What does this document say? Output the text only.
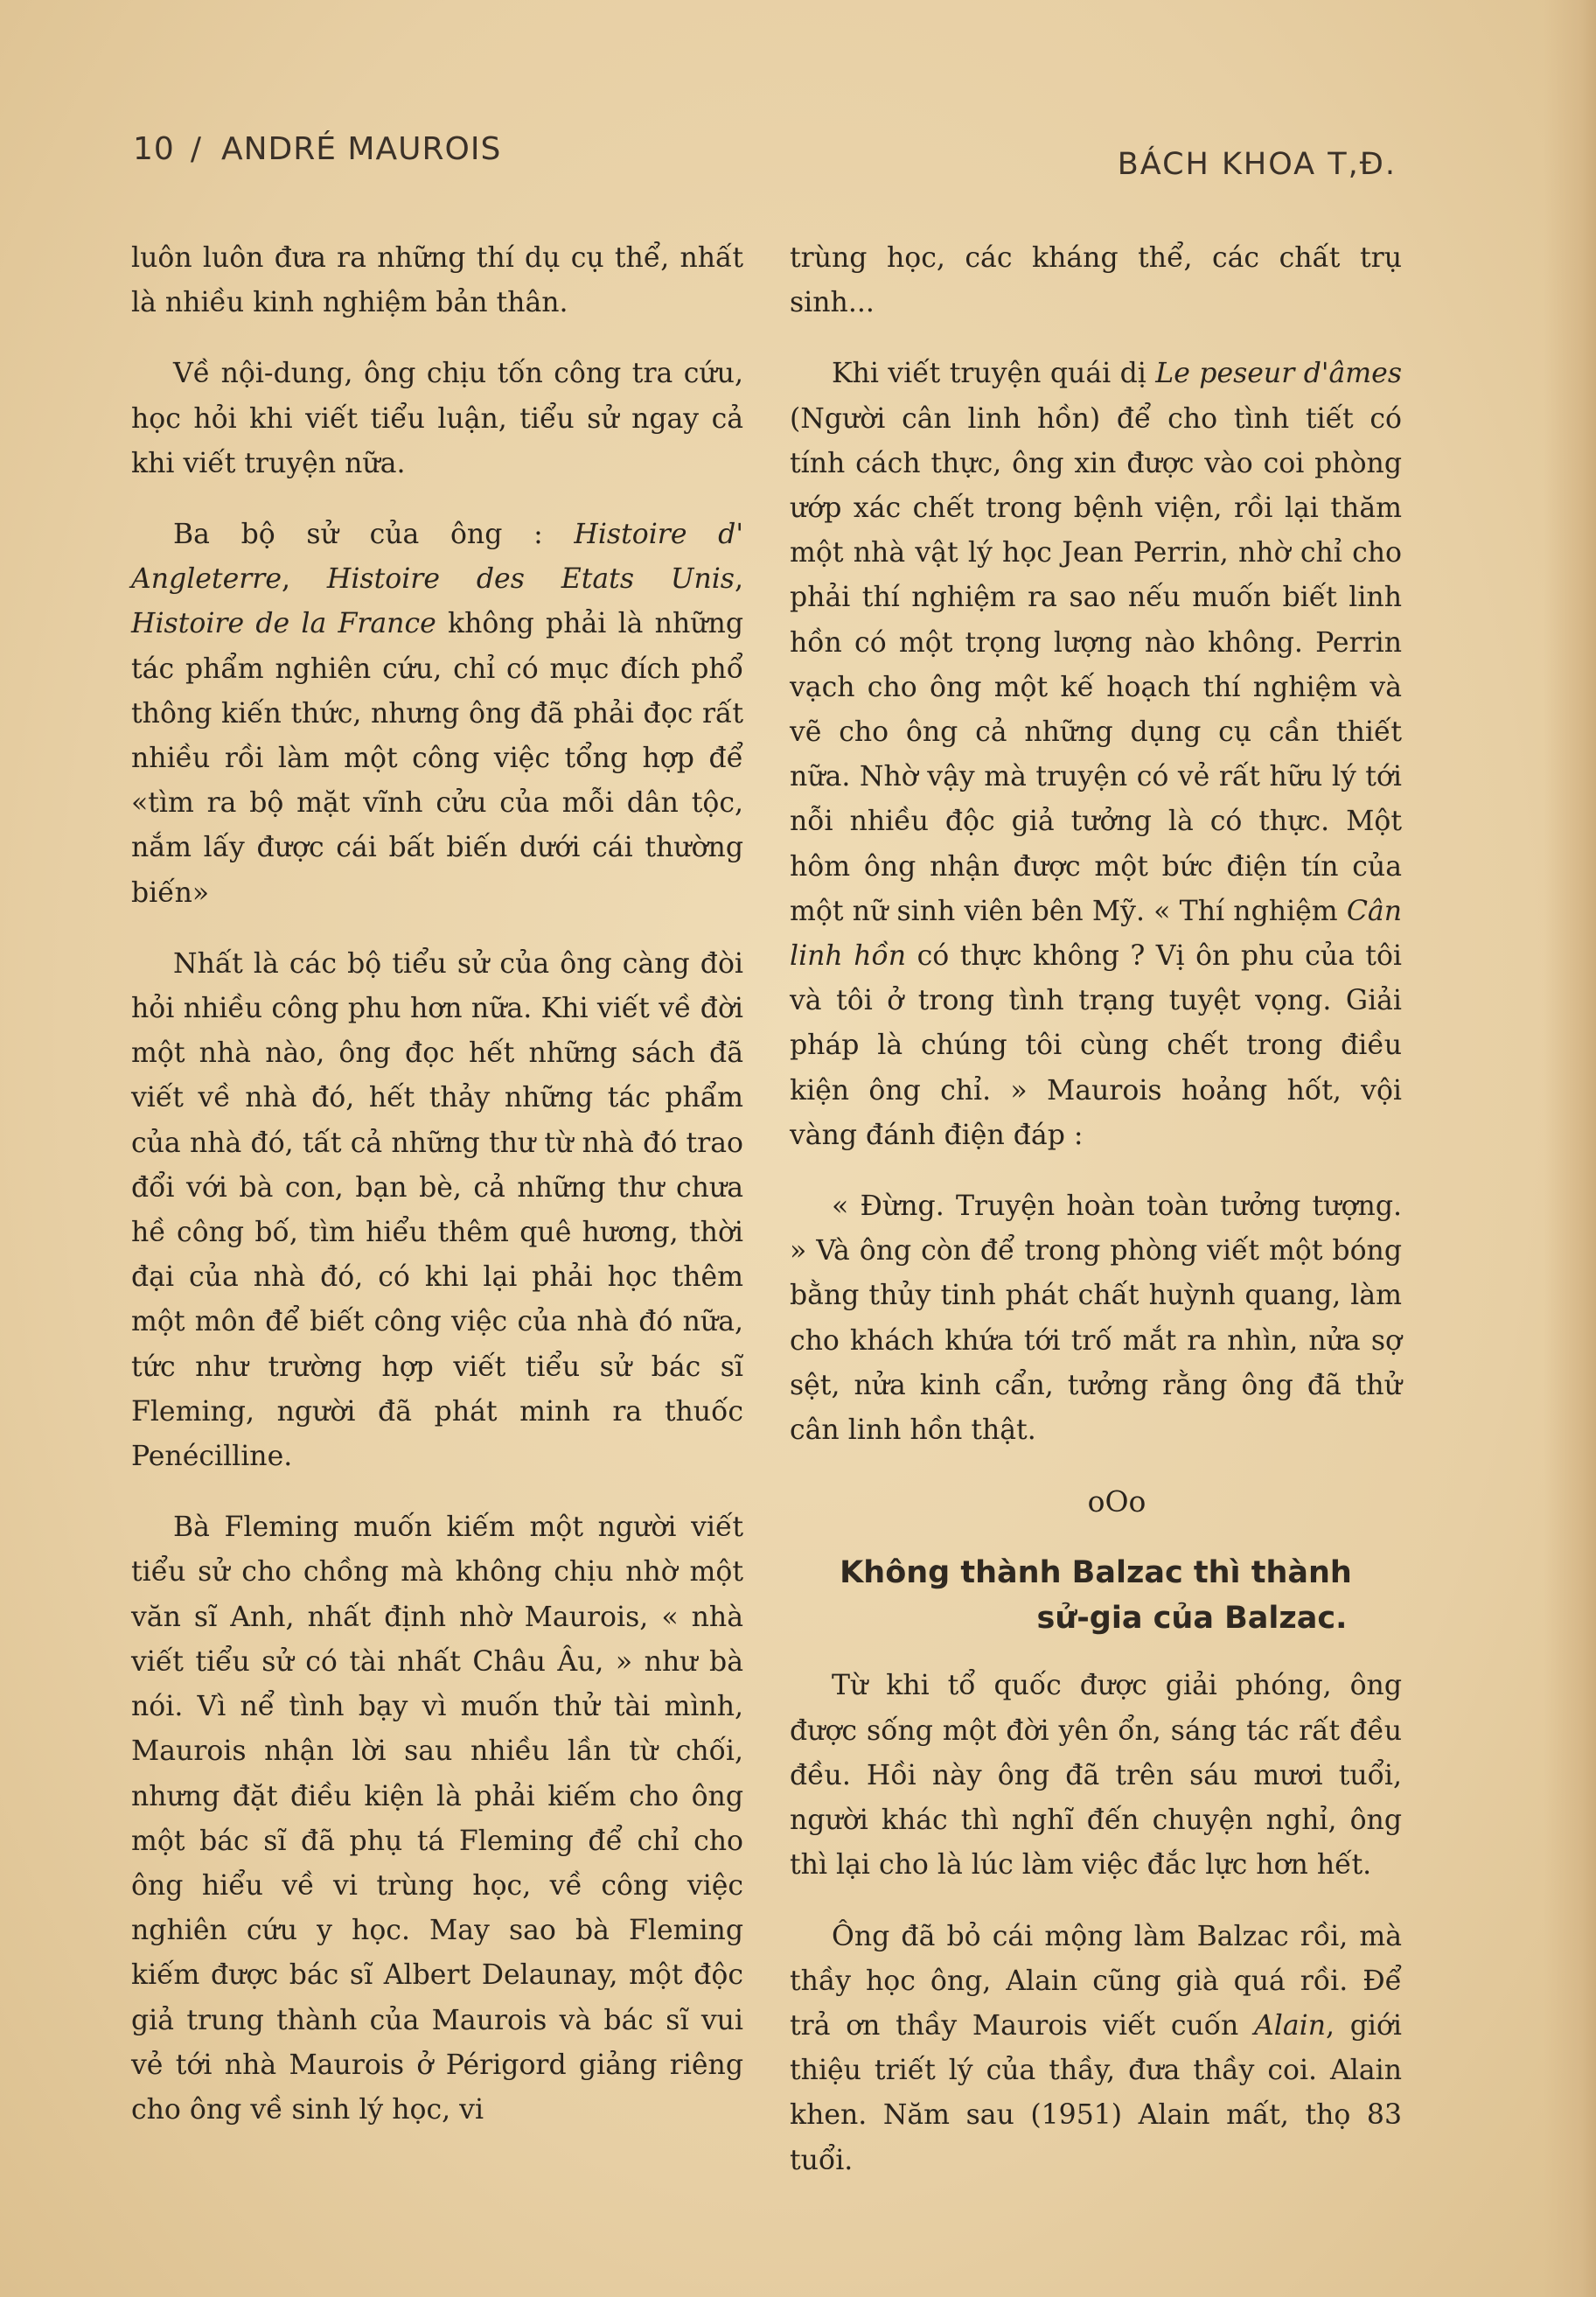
10 / ANDRÉ MAUROIS	BÁCH KHOA T,Đ.

luôn luôn đưa ra những thí dụ cụ thể, nhất là nhiều kinh nghiệm bản thân.

Về nội-dung, ông chịu tốn công tra cứu, học hỏi khi viết tiểu luận, tiểu sử ngay cả khi viết truyện nữa.

Ba bộ sử của ông : Histoire d' Angleterre, Histoire des Etats Unis, Histoire de la France không phải là những tác phẩm nghiên cứu, chỉ có mục đích phổ thông kiến thức, nhưng ông đã phải đọc rất nhiều rồi làm một công việc tổng hợp để «tìm ra bộ mặt vĩnh cửu của mỗi dân tộc, nắm lấy được cái bất biến dưới cái thường biến»

Nhất là các bộ tiểu sử của ông càng đòi hỏi nhiều công phu hơn nữa. Khi viết về đời một nhà nào, ông đọc hết những sách đã viết về nhà đó, hết thảy những tác phẩm của nhà đó, tất cả những thư từ nhà đó trao đổi với bà con, bạn bè, cả những thư chưa hề công bố, tìm hiểu thêm quê hương, thời đại của nhà đó, có khi lại phải học thêm một môn để biết công việc của nhà đó nữa, tức như trường hợp viết tiểu sử bác sĩ Fleming, người đã phát minh ra thuốc Penécilline.

Bà Fleming muốn kiếm một người viết tiểu sử cho chồng mà không chịu nhờ một văn sĩ Anh, nhất định nhờ Maurois, « nhà viết tiểu sử có tài nhất Châu Âu, » như bà nói. Vì nể tình bạy vì muốn thử tài mình, Maurois nhận lời sau nhiều lần từ chối, nhưng đặt điều kiện là phải kiếm cho ông một bác sĩ đã phụ tá Fleming để chỉ cho ông hiểu về vi trùng học, về công việc nghiên cứu y học. May sao bà Fleming kiếm được bác sĩ Albert Delaunay, một độc giả trung thành của Maurois và bác sĩ vui vẻ tới nhà Maurois ở Périgord giảng riêng cho ông về sinh lý học, vi

trùng học, các kháng thể, các chất trụ sinh...

Khi viết truyện quái dị Le peseur d'âmes (Người cân linh hồn) để cho tình tiết có tính cách thực, ông xin được vào coi phòng ướp xác chết trong bệnh viện, rồi lại thăm một nhà vật lý học Jean Perrin, nhờ chỉ cho phải thí nghiệm ra sao nếu muốn biết linh hồn có một trọng lượng nào không. Perrin vạch cho ông một kế hoạch thí nghiệm và vẽ cho ông cả những dụng cụ cần thiết nữa. Nhờ vậy mà truyện có vẻ rất hữu lý tới nỗi nhiều độc giả tưởng là có thực. Một hôm ông nhận được một bức điện tín của một nữ sinh viên bên Mỹ. « Thí nghiệm Cân linh hồn có thực không ? Vị ôn phu của tôi và tôi ở trong tình trạng tuyệt vọng. Giải pháp là chúng tôi cùng chết trong điều kiện ông chỉ. » Maurois hoảng hốt, vội vàng đánh điện đáp :

« Đừng. Truyện hoàn toàn tưởng tượng. » Và ông còn để trong phòng viết một bóng bằng thủy tinh phát chất huỳnh quang, làm cho khách khứa tới trố mắt ra nhìn, nửa sợ sệt, nửa kinh cẩn, tưởng rằng ông đã thử cân linh hồn thật.

oOo

Không thành Balzac thì thành
sử-gia của Balzac.

Từ khi tổ quốc được giải phóng, ông được sống một đời yên ổn, sáng tác rất đều đều. Hồi này ông đã trên sáu mươi tuổi, người khác thì nghĩ đến chuyện nghỉ, ông thì lại cho là lúc làm việc đắc lực hơn hết.

Ông đã bỏ cái mộng làm Balzac rồi, mà thầy học ông, Alain cũng già quá rồi. Để trả ơn thầy Maurois viết cuốn Alain, giới thiệu triết lý của thầy, đưa thầy coi. Alain khen. Năm sau (1951) Alain mất, thọ 83 tuổi.
